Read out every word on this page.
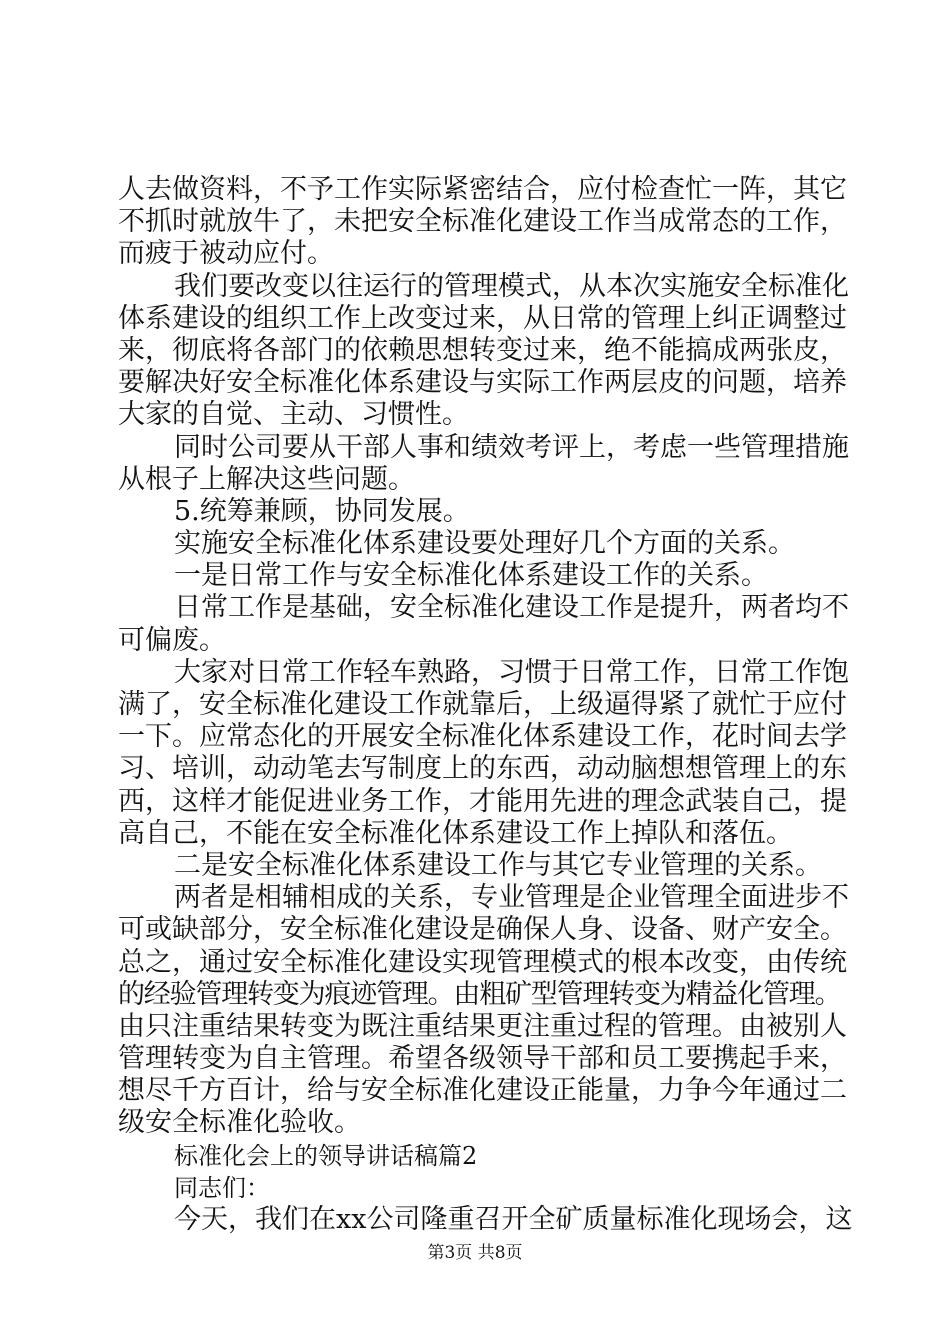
人去做资料，不予工作实际紧密结合，应付检查忙一阵，其它
不抓时就放牛了，未把安全标准化建设工作当成常态的工作，
而疲于被动应付。
我们要改变以往运行的管理模式，从本次实施安全标准化
体系建设的组织工作上改变过来，从日常的管理上纠正调整过
来，彻底将各部门的依赖思想转变过来，绝不能搞成两张皮，
要解决好安全标准化体系建设与实际工作两层皮的问题，培养
大家的自觉、主动、习惯性。
同时公司要从干部人事和绩效考评上，考虑一些管理措施
从根子上解决这些问题。
5.统筹兼顾，协同发展。
实施安全标准化体系建设要处理好几个方面的关系。
一是日常工作与安全标准化体系建设工作的关系。
日常工作是基础，安全标准化建设工作是提升，两者均不
可偏废。
大家对日常工作轻车熟路，习惯于日常工作，日常工作饱
满了，安全标准化建设工作就靠后，上级逼得紧了就忙于应付
一下。应常态化的开展安全标准化体系建设工作，花时间去学
习、培训，动动笔去写制度上的东西，动动脑想想管理上的东
西，这样才能促进业务工作，才能用先进的理念武装自己，提
高自己，不能在安全标准化体系建设工作上掉队和落伍。
二是安全标准化体系建设工作与其它专业管理的关系。
两者是相辅相成的关系，专业管理是企业管理全面进步不
可或缺部分，安全标准化建设是确保人身、设备、财产安全。
总之，通过安全标准化建设实现管理模式的根本改变，由传统
的经验管理转变为痕迹管理。由粗矿型管理转变为精益化管理。
由只注重结果转变为既注重结果更注重过程的管理。由被别人
管理转变为自主管理。希望各级领导干部和员工要携起手来，
想尽千方百计，给与安全标准化建设正能量，力争今年通过二
级安全标准化验收。
标准化会上的领导讲话稿篇2
同志们：
今天，我们在xx公司隆重召开全矿质量标准化现场会，这
第3页 共8页
